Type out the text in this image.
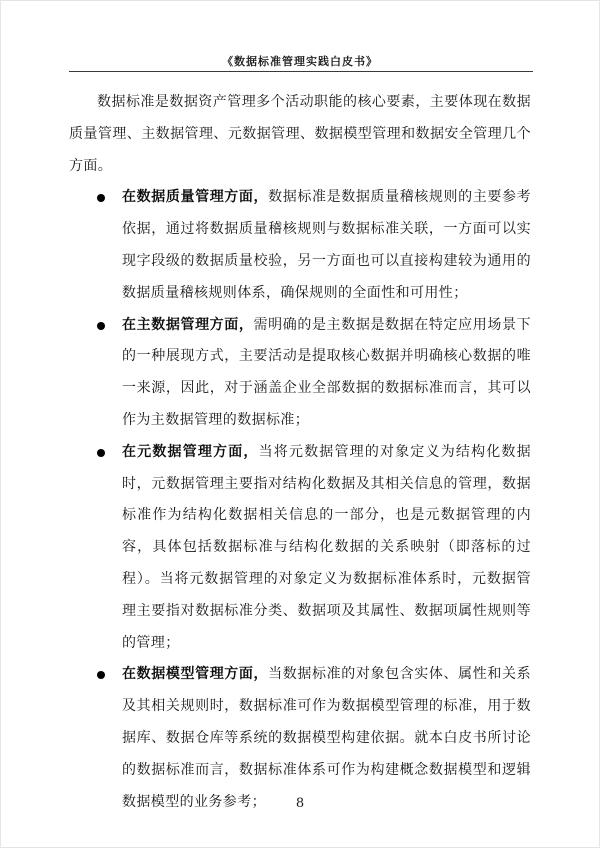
《数据标准管理实践白皮书》

数据标准是数据资产管理多个活动职能的核心要素，主要体现在数据质量管理、主数据管理、元数据管理、数据模型管理和数据安全管理几个方面。

在数据质量管理方面，数据标准是数据质量稽核规则的主要参考依据，通过将数据质量稽核规则与数据标准关联，一方面可以实现字段级的数据质量校验，另一方面也可以直接构建较为通用的数据质量稽核规则体系，确保规则的全面性和可用性；
在主数据管理方面，需明确的是主数据是数据在特定应用场景下的一种展现方式，主要活动是提取核心数据并明确核心数据的唯一来源，因此，对于涵盖企业全部数据的数据标准而言，其可以作为主数据管理的数据标准；
在元数据管理方面，当将元数据管理的对象定义为结构化数据时，元数据管理主要指对结构化数据及其相关信息的管理，数据标准作为结构化数据相关信息的一部分，也是元数据管理的内容，具体包括数据标准与结构化数据的关系映射（即落标的过程）。当将元数据管理的对象定义为数据标准体系时，元数据管理主要指对数据标准分类、数据项及其属性、数据项属性规则等的管理；
在数据模型管理方面，当数据标准的对象包含实体、属性和关系及其相关规则时，数据标准可作为数据模型管理的标准，用于数据库、数据仓库等系统的数据模型构建依据。就本白皮书所讨论的数据标准而言，数据标准体系可作为构建概念数据模型和逻辑数据模型的业务参考；	8
